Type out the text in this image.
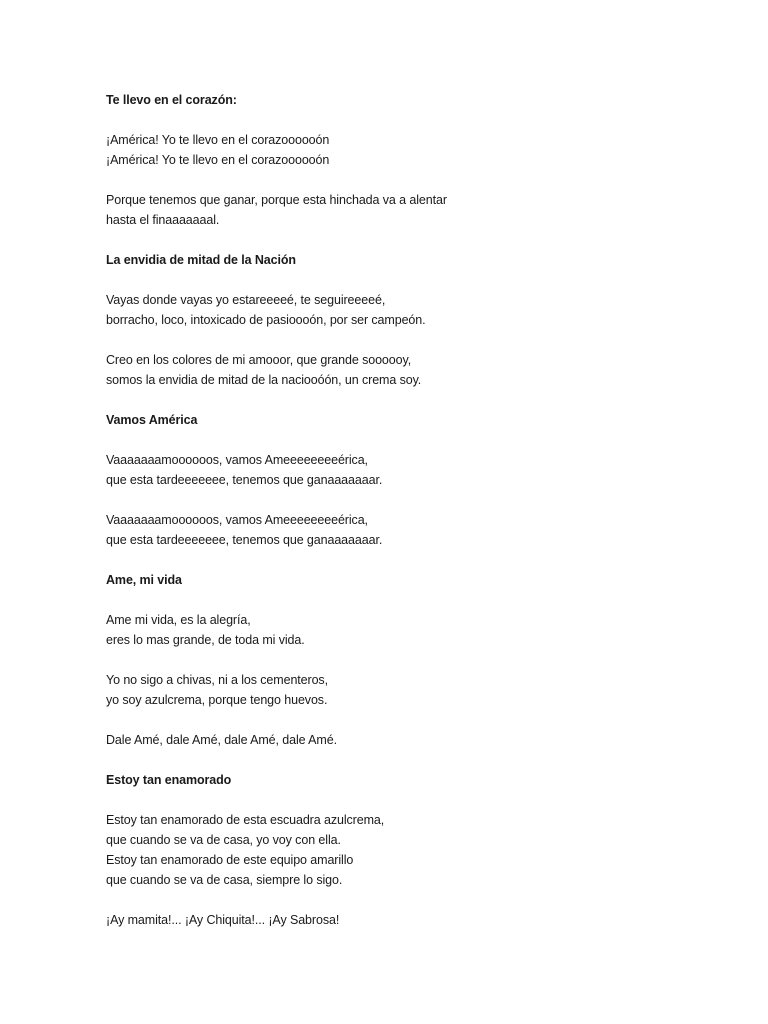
Te llevo en el corazón:
¡América! Yo te llevo en el corazoooooón
¡América! Yo te llevo en el corazoooooón
Porque tenemos que ganar, porque esta hinchada va a alentar
hasta el finaaaaaaal.
La envidia de mitad de la Nación
Vayas donde vayas yo estareeeeé, te seguireeeeé,
borracho, loco, intoxicado de pasioooón, por ser campeón.
Creo en los colores de mi amooor, que grande soooooy,
somos la envidia de mitad de la naciooóón, un crema soy.
Vamos América
Vaaaaaaamoooooos, vamos Ameeeeeeeeérica,
que esta tardeeeeeee, tenemos que ganaaaaaaar.
Vaaaaaaamoooooos, vamos Ameeeeeeeeérica,
que esta tardeeeeeee, tenemos que ganaaaaaaar.
Ame, mi vida
Ame mi vida, es la alegría,
eres lo mas grande, de toda mi vida.
Yo no sigo a chivas, ni a los cementeros,
yo soy azulcrema, porque tengo huevos.
Dale Amé, dale Amé, dale Amé, dale Amé.
Estoy tan enamorado
Estoy tan enamorado de esta escuadra azulcrema,
que cuando se va de casa, yo voy con ella.
Estoy tan enamorado de este equipo amarillo
que cuando se va de casa, siempre lo sigo.
¡Ay mamita!... ¡Ay Chiquita!... ¡Ay Sabrosa!
